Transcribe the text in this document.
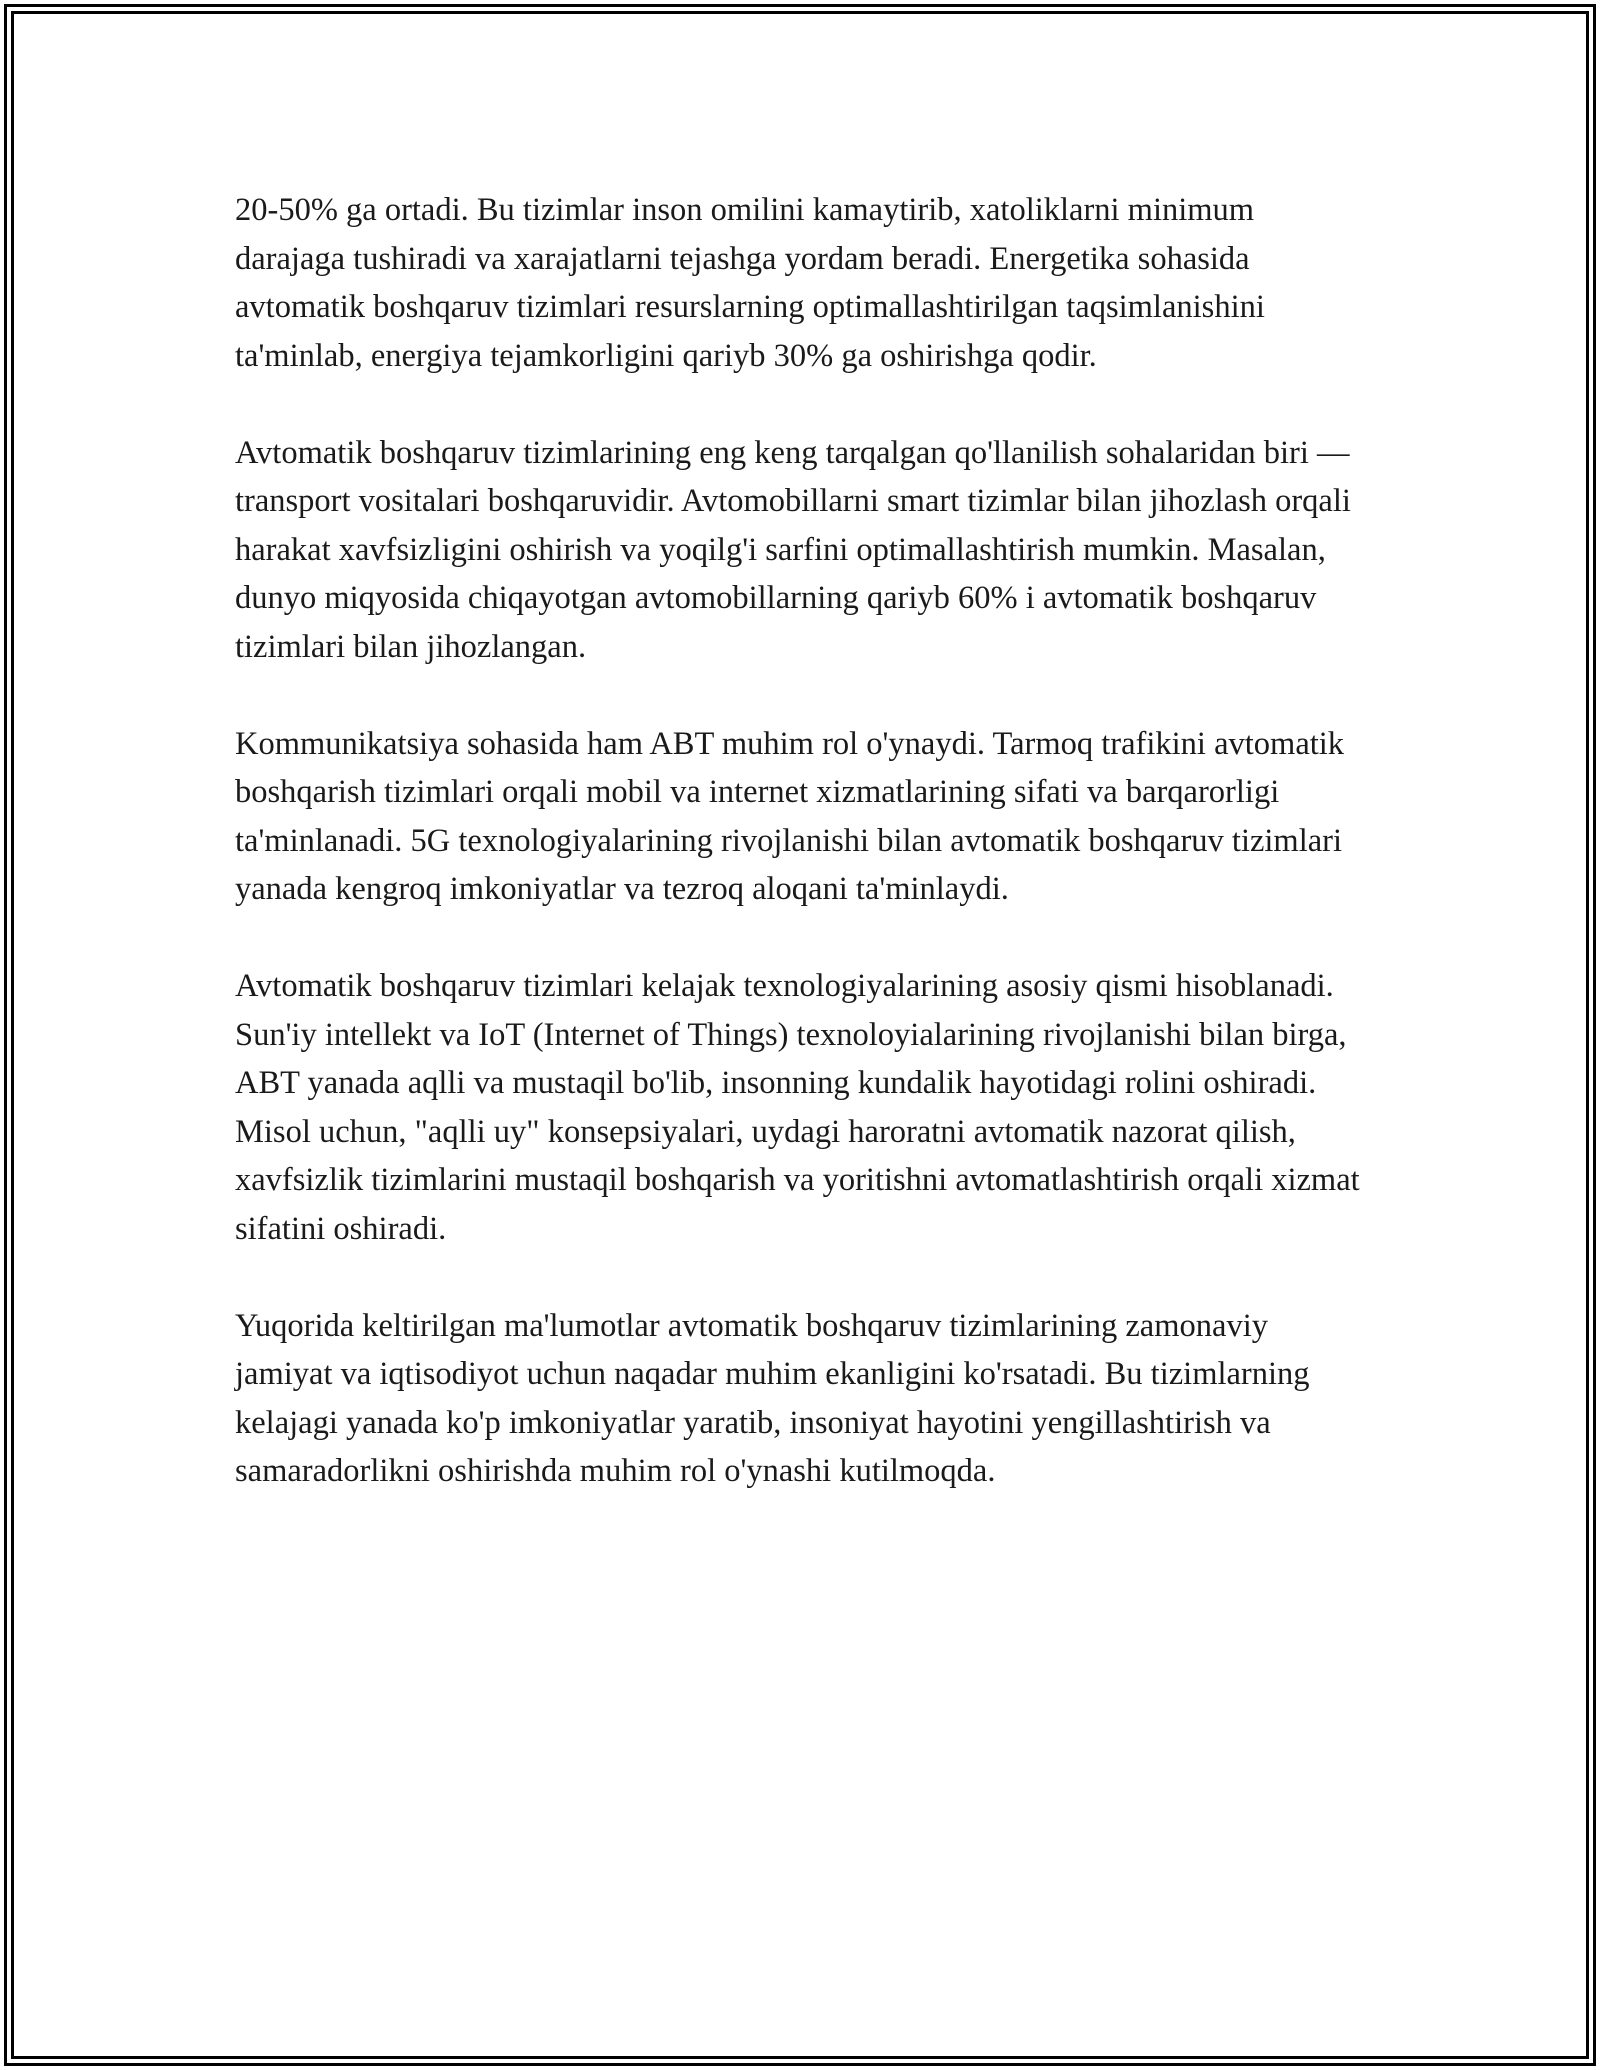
20-50% ga ortadi. Bu tizimlar inson omilini kamaytirib, xatoliklarni minimum darajaga tushiradi va xarajatlarni tejashga yordam beradi. Energetika sohasida avtomatik boshqaruv tizimlari resurslarning optimallashtirilgan taqsimlanishini ta'minlab, energiya tejamkorligini qariyb 30% ga oshirishga qodir.

Avtomatik boshqaruv tizimlarining eng keng tarqalgan qo'llanilish sohalaridan biri — transport vositalari boshqaruvidir. Avtomobillarni smart tizimlar bilan jihozlash orqali harakat xavfsizligini oshirish va yoqilg'i sarfini optimallashtirish mumkin. Masalan, dunyo miqyosida chiqayotgan avtomobillarning qariyb 60% i avtomatik boshqaruv tizimlari bilan jihozlangan.

Kommunikatsiya sohasida ham ABT muhim rol o'ynaydi. Tarmoq trafikini avtomatik boshqarish tizimlari orqali mobil va internet xizmatlarining sifati va barqarorligi ta'minlanadi. 5G texnologiyalarining rivojlanishi bilan avtomatik boshqaruv tizimlari yanada kengroq imkoniyatlar va tezroq aloqani ta'minlaydi.

Avtomatik boshqaruv tizimlari kelajak texnologiyalarining asosiy qismi hisoblanadi. Sun'iy intellekt va IoT (Internet of Things) texnoloyialarining rivojlanishi bilan birga, ABT yanada aqlli va mustaqil bo'lib, insonning kundalik hayotidagi rolini oshiradi. Misol uchun, "aqlli uy" konsepsiyalari, uydagi haroratni avtomatik nazorat qilish, xavfsizlik tizimlarini mustaqil boshqarish va yoritishni avtomatlashtirish orqali xizmat sifatini oshiradi.

Yuqorida keltirilgan ma'lumotlar avtomatik boshqaruv tizimlarining zamonaviy jamiyat va iqtisodiyot uchun naqadar muhim ekanligini ko'rsatadi. Bu tizimlarning kelajagi yanada ko'p imkoniyatlar yaratib, insoniyat hayotini yengillashtirish va samaradorlikni oshirishda muhim rol o'ynashi kutilmoqda.
